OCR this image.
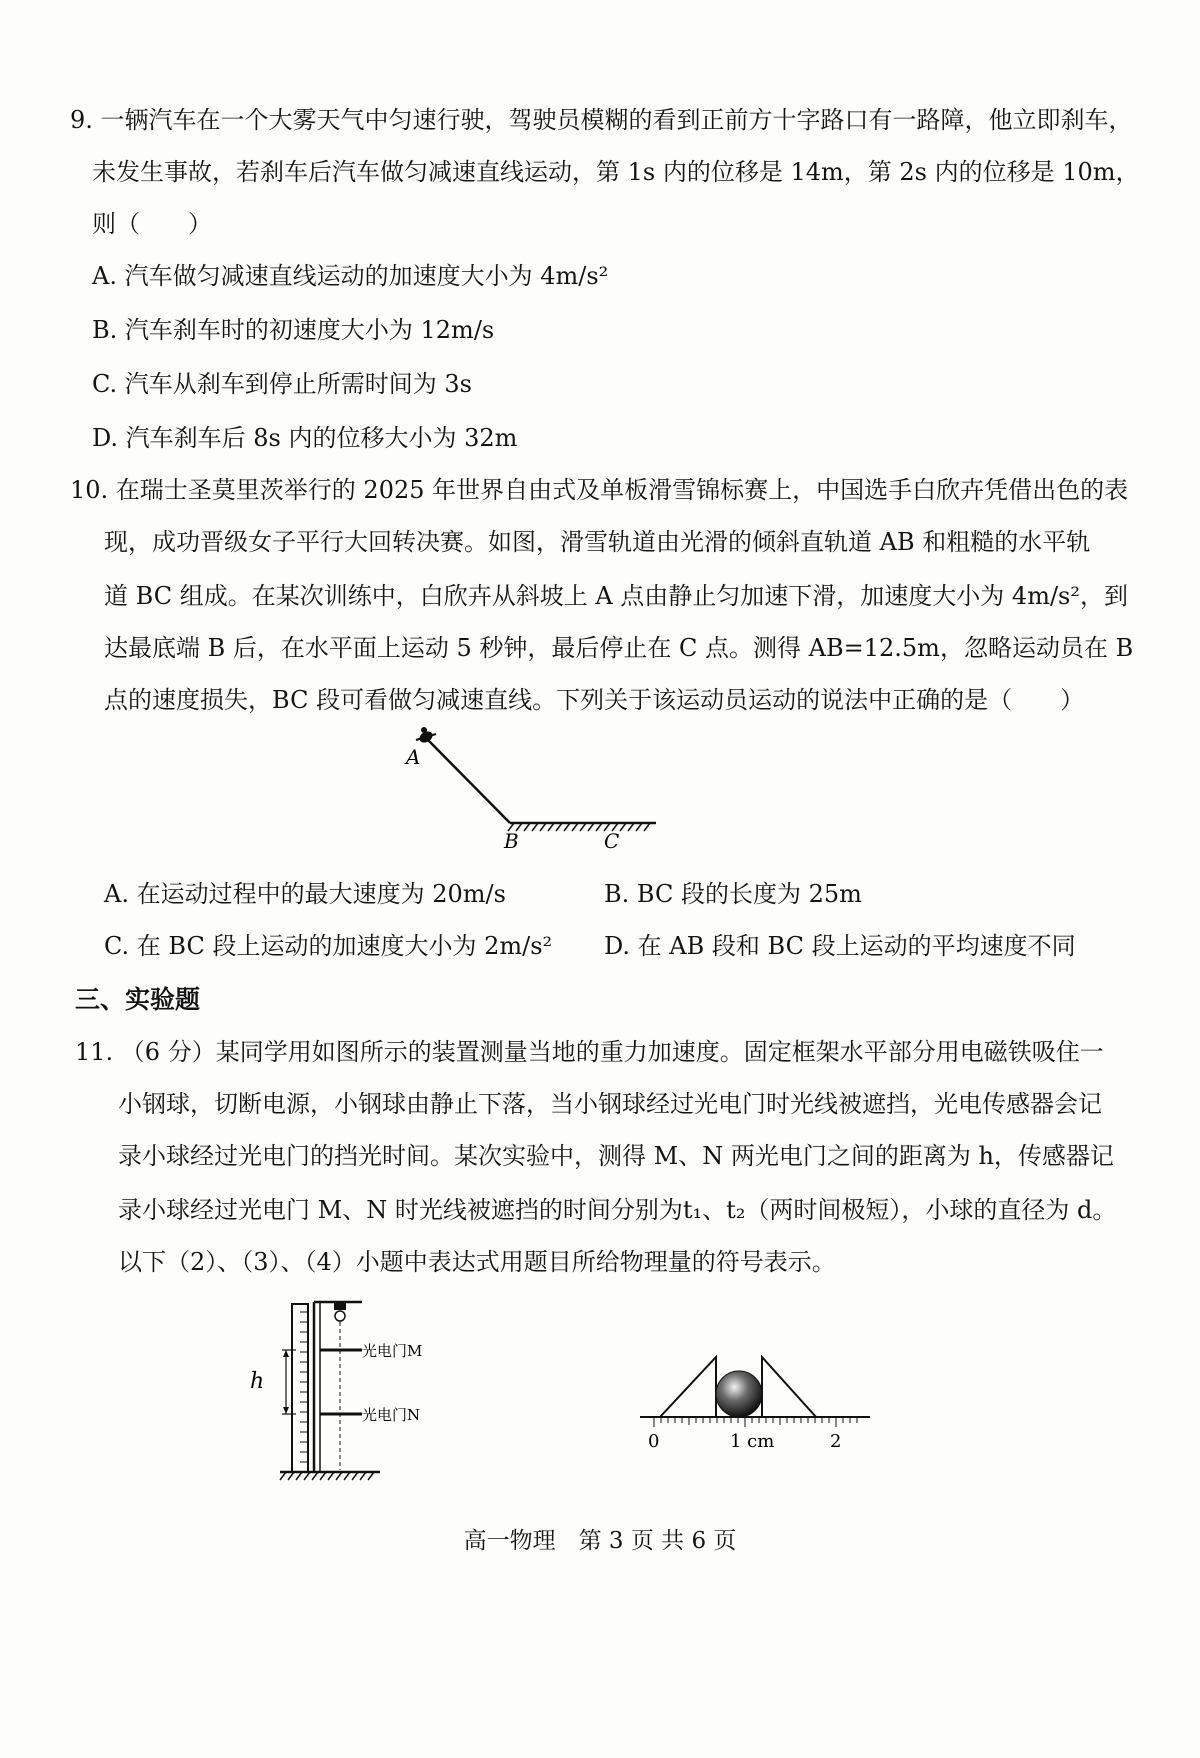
9. 一辆汽车在一个大雾天气中匀速行驶，驾驶员模糊的看到正前方十字路口有一路障，他立即刹车，
未发生事故，若刹车后汽车做匀减速直线运动，第 1s 内的位移是 14m，第 2s 内的位移是 10m，
则（　　）
A. 汽车做匀减速直线运动的加速度大小为 4m/s²
B. 汽车刹车时的初速度大小为 12m/s
C. 汽车从刹车到停止所需时间为 3s
D. 汽车刹车后 8s 内的位移大小为 32m
10. 在瑞士圣莫里茨举行的 2025 年世界自由式及单板滑雪锦标赛上，中国选手白欣卉凭借出色的表
现，成功晋级女子平行大回转决赛。如图，滑雪轨道由光滑的倾斜直轨道 AB 和粗糙的水平轨
道 BC 组成。在某次训练中，白欣卉从斜坡上 A 点由静止匀加速下滑，加速度大小为 4m/s²，到
达最底端 B 后，在水平面上运动 5 秒钟，最后停止在 C 点。测得 AB=12.5m，忽略运动员在 B
点的速度损失，BC 段可看做匀减速直线。下列关于该运动员运动的说法中正确的是（　　）
A
B	C
A. 在运动过程中的最大速度为 20m/s	B. BC 段的长度为 25m
C. 在 BC 段上运动的加速度大小为 2m/s² D. 在 AB 段和 BC 段上运动的平均速度不同
三、实验题
11. （6 分）某同学用如图所示的装置测量当地的重力加速度。固定框架水平部分用电磁铁吸住一
小钢球，切断电源，小钢球由静止下落，当小钢球经过光电门时光线被遮挡，光电传感器会记
录小球经过光电门的挡光时间。某次实验中，测得 M、N 两光电门之间的距离为 h，传感器记
录小球经过光电门 M、N 时光线被遮挡的时间分别为t₁、t₂（两时间极短），小球的直径为 d。
以下（2）、（3）、（4）小题中表达式用题目所给物理量的符号表示。
h
光电门M
光电门N
0	1 cm	2
高一物理　第 3 页 共 6 页
